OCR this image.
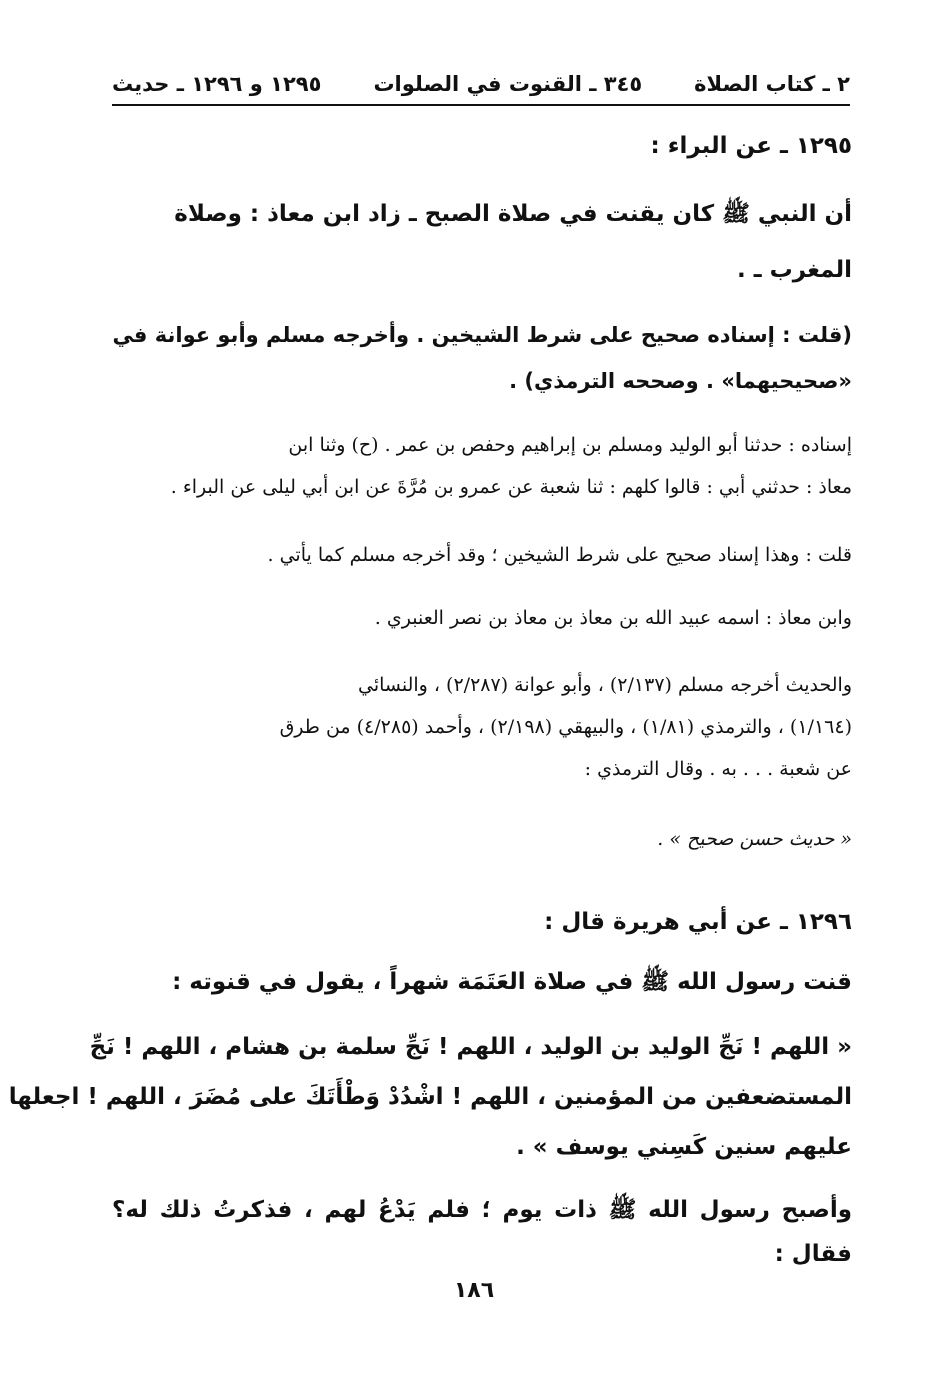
٢ ـ كتاب الصلاة
٣٤٥ ـ القنوت في الصلوات
١٢٩٥ و ١٢٩٦ ـ حديث

١٢٩٥ ـ عن البراء :

أن النبي ﷺ كان يقنت في صلاة الصبح ـ زاد ابن معاذ : وصلاة
المغرب ـ .
(قلت : إسناده صحيح على شرط الشيخين . وأخرجه مسلم وأبو عوانة في
«صحيحيهما» . وصححه الترمذي) .
إسناده : حدثنا أبو الوليد ومسلم بن إبراهيم وحفص بن عمر . (ح) وثنا ابن
معاذ : حدثني أبي : قالوا كلهم : ثنا شعبة عن عمرو بن مُرَّةَ عن ابن أبي ليلى عن البراء .

قلت : وهذا إسناد صحيح على شرط الشيخين ؛ وقد أخرجه مسلم كما يأتي .

وابن معاذ : اسمه عبيد الله بن معاذ بن معاذ بن نصر العنبري .

والحديث أخرجه مسلم (٢/١٣٧) ، وأبو عوانة (٢/٢٨٧) ، والنسائي
(١/١٦٤) ، والترمذي (١/٨١) ، والبيهقي (٢/١٩٨) ، وأحمد (٤/٢٨٥) من طرق
عن شعبة . . . به . وقال الترمذي :

« حديث حسن صحيح » .

١٢٩٦ ـ عن أبي هريرة قال :

قنت رسول الله ﷺ في صلاة العَتَمَة شهراً ، يقول في قنوته :

« اللهم ! نَجِّ الوليد بن الوليد ، اللهم ! نَجِّ سلمة بن هشام ، اللهم ! نَجِّ
المستضعفين من المؤمنين ، اللهم ! اشْدُدْ وَطْأَتَكَ على مُضَرَ ، اللهم ! اجعلها
عليهم سنين كَسِني يوسف » .

وأصبح رسول الله ﷺ ذات يوم ؛ فلم يَدْعُ لهم ، فذكرتُ ذلك له؟ فقال :

١٨٦
